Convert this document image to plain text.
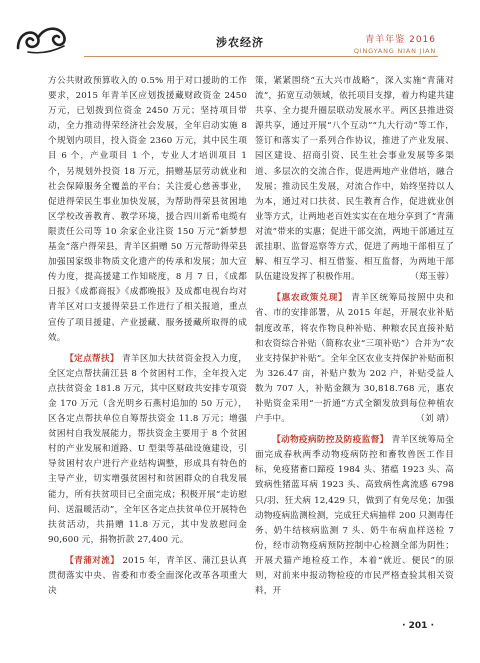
涉农经济	青羊年鉴 2016
QINGYANG NIAN JIAN

方公共财政预算收入的 0.5% 用于对口援助的工作要求，2015 年青羊区应划拨援藏财政资金 2450 万元，已划拨到位资金 2450 万元；坚持项目带动，全力推动得荣经济社会发展，全年启动实施 8 个规划内项目，投入资金 2360 万元，其中民生项目 6 个，产业项目 1 个，专业人才培训项目 1 个，另规划外投资 18 万元，捐赠基层劳动就业和社会保障服务全覆盖的平台；关注爱心慈善事业，促进得荣民生事业加快发展，为帮助得荣县贫困地区学校改善教育、教学环境，援合四川新希电缆有限责任公司等 10 余家企业注资 150 万元“新梦想基金”落户得荣县，青羊区捐赠 50 万元帮助得荣县加强国家级非物质文化遗产的传承和发展；加大宣传力度，提高援建工作知晓度，8 月 7 日，《成都日报》《成都商报》《成都晚报》及成都电视台均对青羊区对口支援得荣县工作进行了相关报道，重点宣传了项目援建、产业援藏、服务援藏所取得的成效。

【 定点帮扶 】 青羊区加大扶贫资金投入力度，全区定点帮扶蒲江县 8 个贫困村工作，全年投入定点扶贫资金 181.8 万元，其中区财政共安排专项资金 170 万元（含光明乡石燕村追加的 50 万元），区各定点帮扶单位自筹帮扶资金 11.8 万元；增强贫困村自我发展能力，帮扶资金主要用于 8 个贫困村的产业发展和道路、U 型渠等基础设施建设，引导贫困村农户进行产业结构调整，形成具有特色的主导产业，切实增强贫困村和贫困群众的自我发展能力，所有扶贫项目已全面完成；积极开展“走访慰问、送温暖活动”，全年区各定点扶贫单位开展特色扶贫活动，共捐赠 11.8 万元，其中发放慰问金 90,600 元，捐物折款 27,400 元。

【 青蒲对流 】 2015 年，青羊区、蒲江县认真贯彻落实中央、省委和市委全面深化改革各项重大决

策，紧紧围绕“五大兴市战略”，深入实施“青蒲对流”，拓宽互动领域，依托项目支撑，着力构建共建共享、全力提升圈层联动发展水平。两区县推进资源共享，通过开展“八个互动”“九大行动”等工作，签订和落实了一系列合作协议，推进了产业发展、园区建设、招商引资、民生社会事业发展等多渠道、多层次的交流合作，促进两地产业借培，融合发展；推动民生发展，对流合作中，始终坚持以人为本，通过对口扶贫、民生教育合作，促进就业创业等方式，让两地老百姓实实在在地分享到了“青蒲对流”带来的实惠；促进干部交流，两地干部通过互派挂职、监督巡察等方式，促进了两地干部相互了解、相互学习、相互借鉴、相互监督，为两地干部队伍建设发挥了积极作用。	（郑玉蓉）

【 惠农政策兑现 】 青羊区统筹局按照中央和省、市的安排部署，从 2015 年起，开展农业补贴制度改革，将农作物良种补贴、种粮农民直接补贴和农资综合补贴（简称农业“三项补贴”）合并为“农业支持保护补贴”。全年全区农业支持保护补贴面积为 326.47 亩，补贴户数为 202 户，补贴受益人数为 707 人，补贴金额为 30,818.768 元，惠农补贴资金采用“一折通”方式全额发放到每位种植农户手中。	（刘 靖）

【 动物疫病防控及防疫监督 】 青羊区统筹局全面完成春秋两季动物疫病防控和畜牧兽医工作目标，免疫猪畜口蹄疫 1984 头、猪瘟 1923 头、高致病性猪蓝耳病 1923 头、高致病性禽流感 6798 只/羽、狂犬病 12,429 只，做到了有免尽免；加强动物疫病监测检测，完成狂犬病抽样 200 只测毒任务、奶牛结核病监测 7 头、奶牛布病血样送检 7 份，经市动物疫病预防控制中心检测全部为阴性；开展犬猫产地检疫工作，本着“就近、便民”的原则，对前来申报动物检疫的市民严格查验其相关资料，开

· 201 ·
